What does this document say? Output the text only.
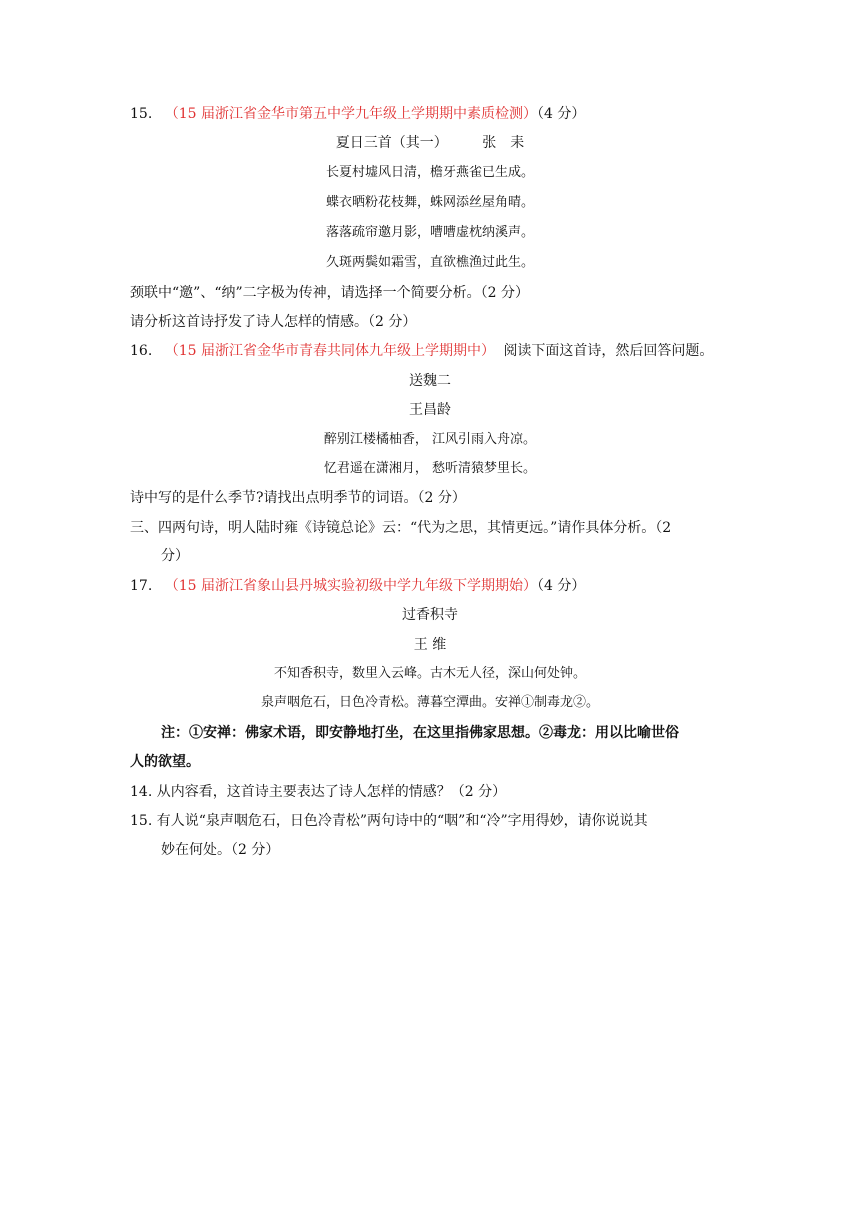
15. （15 届浙江省金华市第五中学九年级上学期期中素质检测）（4 分）
夏日三首（其一） 张　耒
长夏村墟风日清，檐牙燕雀已生成。
蝶衣晒粉花枝舞，蛛网添丝屋角晴。
落落疏帘邀月影，嘈嘈虚枕纳溪声。
久斑两鬓如霜雪，直欲樵渔过此生。
颈联中“邀”、“纳”二字极为传神，请选择一个简要分析。（2 分）
请分析这首诗抒发了诗人怎样的情感。（2 分）
16. （15 届浙江省金华市青春共同体九年级上学期期中） 阅读下面这首诗，然后回答问题。
送魏二
王昌龄
醉别江楼橘柚香， 江风引雨入舟凉。
忆君遥在潇湘月， 愁听清猿梦里长。
诗中写的是什么季节?请找出点明季节的词语。（2 分）
三、四两句诗，明人陆时雍《诗镜总论》云：“代为之思，其情更远。”请作具体分析。（2
分）
17. （15 届浙江省象山县丹城实验初级中学九年级下学期期始）（4 分）
过香积寺
王 维
不知香积寺，数里入云峰。古木无人径，深山何处钟。
泉声咽危石，日色冷青松。薄暮空潭曲。安禅①制毒龙②。
注：①安禅：佛家术语，即安静地打坐，在这里指佛家思想。②毒龙：用以比喻世俗
人的欲望。
14. 从内容看，这首诗主要表达了诗人怎样的情感？（2 分）
15. 有人说“泉声咽危石，日色冷青松”两句诗中的“咽”和“冷”字用得妙，请你说说其
妙在何处。（2 分）
